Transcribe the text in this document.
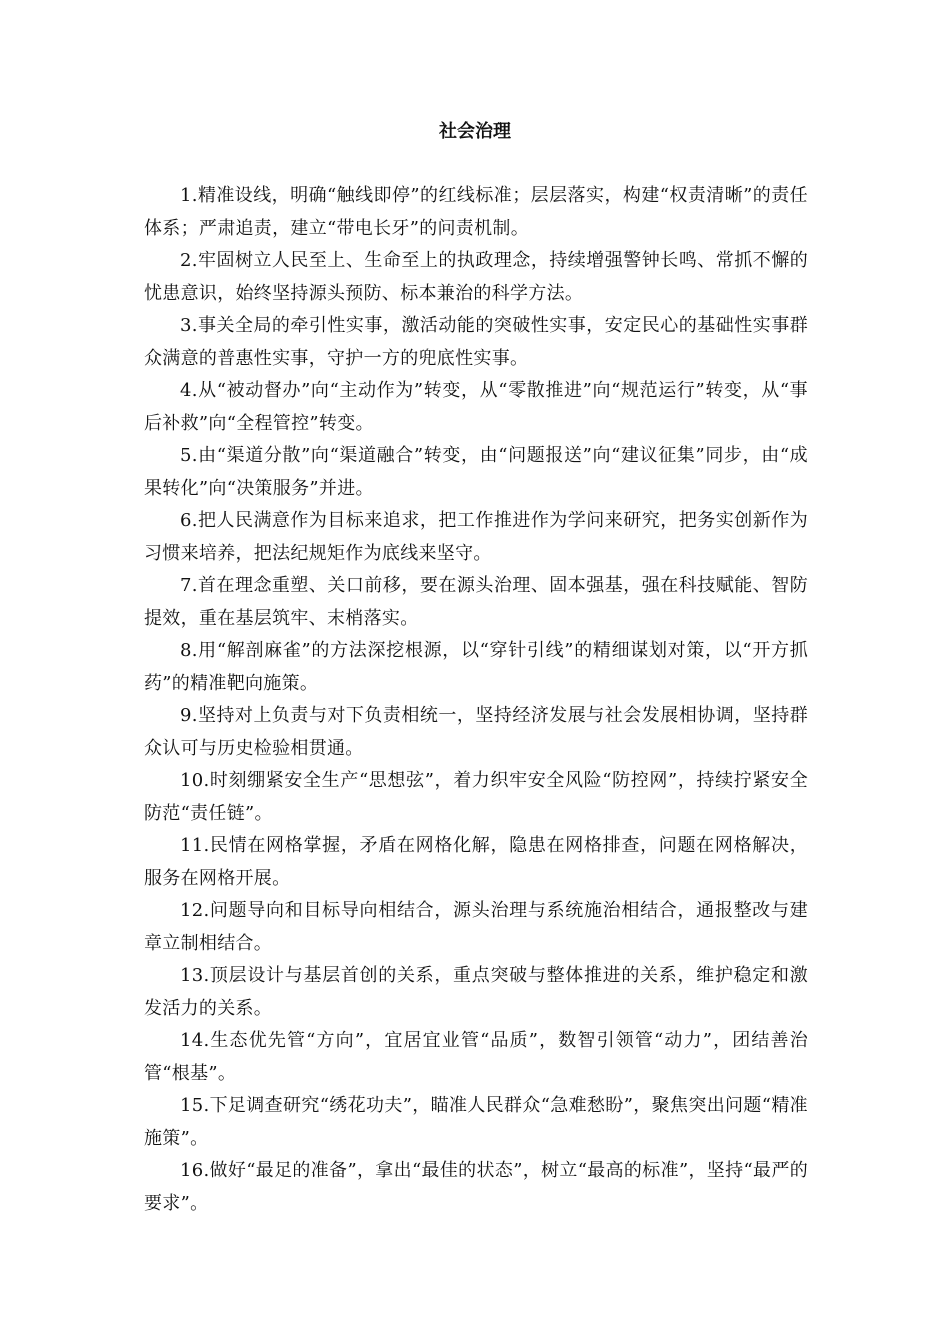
社会治理

1.精准设线，明确“触线即停”的红线标准；层层落实，构建“权责清晰”的责任体系；严肃追责，建立“带电长牙”的问责机制。

2.牢固树立人民至上、生命至上的执政理念，持续增强警钟长鸣、常抓不懈的忧患意识，始终坚持源头预防、标本兼治的科学方法。

3.事关全局的牵引性实事，激活动能的突破性实事，安定民心的基础性实事群众满意的普惠性实事，守护一方的兜底性实事。

4.从“被动督办”向“主动作为”转变，从“零散推进”向“规范运行”转变，从“事后补救”向“全程管控”转变。

5.由“渠道分散”向“渠道融合”转变，由“问题报送”向“建议征集”同步，由“成果转化”向“决策服务”并进。

6.把人民满意作为目标来追求，把工作推进作为学问来研究，把务实创新作为习惯来培养，把法纪规矩作为底线来坚守。

7.首在理念重塑、关口前移，要在源头治理、固本强基，强在科技赋能、智防提效，重在基层筑牢、末梢落实。

8.用“解剖麻雀”的方法深挖根源，以“穿针引线”的精细谋划对策，以“开方抓药”的精准靶向施策。

9.坚持对上负责与对下负责相统一，坚持经济发展与社会发展相协调，坚持群众认可与历史检验相贯通。

10.时刻绷紧安全生产“思想弦”，着力织牢安全风险“防控网”，持续拧紧安全防范“责任链”。

11.民情在网格掌握，矛盾在网格化解，隐患在网格排查，问题在网格解决，服务在网格开展。

12.问题导向和目标导向相结合，源头治理与系统施治相结合，通报整改与建章立制相结合。

13.顶层设计与基层首创的关系，重点突破与整体推进的关系，维护稳定和激发活力的关系。

14.生态优先管“方向”，宜居宜业管“品质”，数智引领管“动力”，团结善治管“根基”。

15.下足调查研究“绣花功夫”，瞄准人民群众“急难愁盼”，聚焦突出问题“精准施策”。

16.做好“最足的准备”，拿出“最佳的状态”，树立“最高的标准”，坚持“最严的要求”。
